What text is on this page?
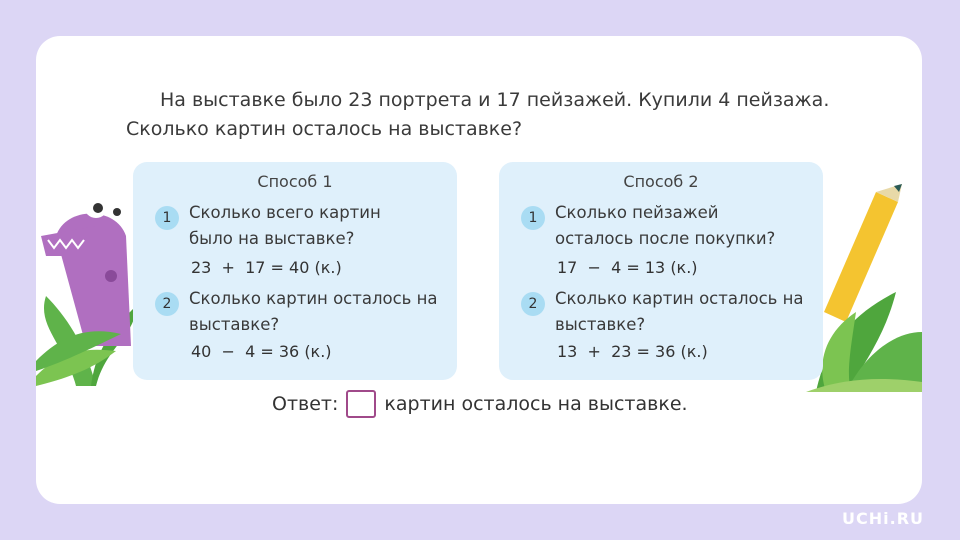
На выставке было 23 портрета и 17 пейзажей. Купили 4 пейзажа. Сколько картин осталось на выставке?
Способ 1
1	Сколько всего картин было на выставке?
23  +  17 = 40 (к.)
2	Сколько картин осталось на выставке?
40  −  4 = 36 (к.)
Способ 2
1	Сколько пейзажей осталось после покупки?
17  −  4 = 13 (к.)
2	Сколько картин осталось на выставке?
13  +  23 = 36 (к.)
Ответ: картин осталось на выставке.
UCHi.RU
